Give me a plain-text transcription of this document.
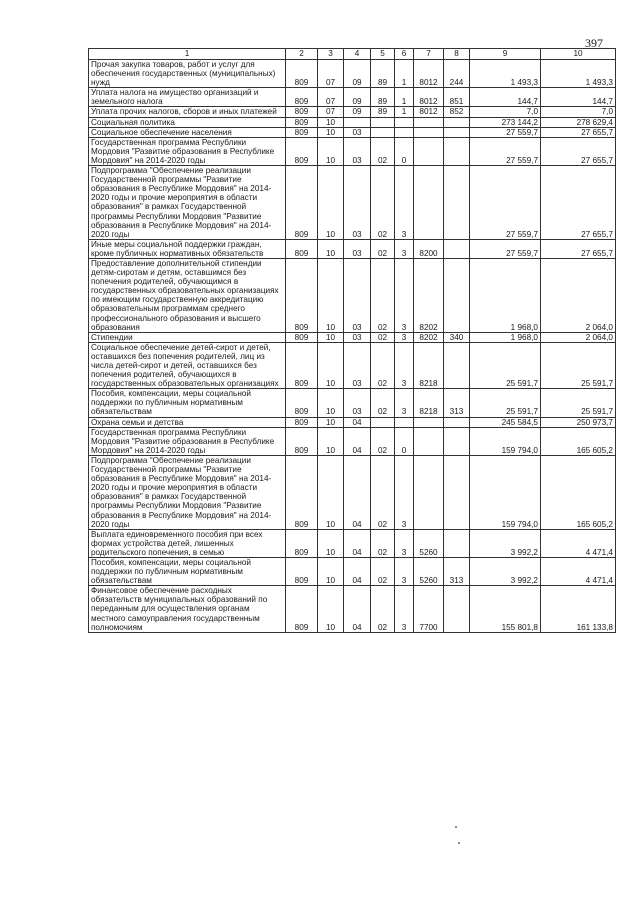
397
1	2	3	4	5	6	7	8	9	10
Прочая закупка товаров, работ и услуг для обеспечения государственных (муниципальных) нужд	809	07	09	89	1	8012	244	1 493,3	1 493,3
Уплата налога на имущество организаций и земельного налога	809	07	09	89	1	8012	851	144,7	144,7
Уплата прочих налогов, сборов и иных платежей	809	07	09	89	1	8012	852	7,0	7,0
Социальная политика	809	10						273 144,2	278 629,4
Социальное обеспечение населения	809	10	03					27 559,7	27 655,7
Государственная программа Республики Мордовия "Развитие образования в Республике Мордовия" на 2014-2020 годы	809	10	03	02	0			27 559,7	27 655,7
Подпрограмма "Обеспечение реализации Государственной программы "Развитие образования в Республике Мордовия" на 2014-2020 годы и прочие мероприятия в области образования" в рамках Государственной программы Республики Мордовия "Развитие образования в Республике Мордовия" на 2014-2020 годы	809	10	03	02	3			27 559,7	27 655,7
Иные меры социальной поддержки граждан, кроме публичных нормативных обязательств	809	10	03	02	3	8200		27 559,7	27 655,7
Предоставление дополнительной стипендии детям-сиротам и детям, оставшимся без попечения родителей, обучающимся в государственных образовательных организациях по имеющим государственную аккредитацию образовательным программам среднего профессионального образования и высшего образования	809	10	03	02	3	8202		1 968,0	2 064,0
Стипендии	809	10	03	02	3	8202	340	1 968,0	2 064,0
Социальное обеспечение детей-сирот и детей, оставшихся без попечения родителей, лиц из числа детей-сирот и детей, оставшихся без попечения родителей, обучающихся в государственных образовательных организациях	809	10	03	02	3	8218		25 591,7	25 591,7
Пособия, компенсации, меры социальной поддержки по публичным нормативным обязательствам	809	10	03	02	3	8218	313	25 591,7	25 591,7
Охрана семьи и детства	809	10	04					245 584,5	250 973,7
Государственная программа Республики Мордовия "Развитие образования в Республике Мордовия" на 2014-2020 годы	809	10	04	02	0			159 794,0	165 605,2
Подпрограмма "Обеспечение реализации Государственной программы "Развитие образования в Республике Мордовия" на 2014-2020 годы и прочие мероприятия в области образования" в рамках Государственной программы Республики Мордовия "Развитие образования в Республике Мордовия" на 2014-2020 годы	809	10	04	02	3			159 794,0	165 605,2
Выплата единовременного пособия при всех формах устройства детей, лишенных родительского попечения, в семью	809	10	04	02	3	5260		3 992,2	4 471,4
Пособия, компенсации, меры социальной поддержки по публичным нормативным обязательствам	809	10	04	02	3	5260	313	3 992,2	4 471,4
Финансовое обеспечение расходных обязательств муниципальных образований по переданным для осуществления органам местного самоуправления государственным полномочиям	809	10	04	02	3	7700		155 801,8	161 133,8
